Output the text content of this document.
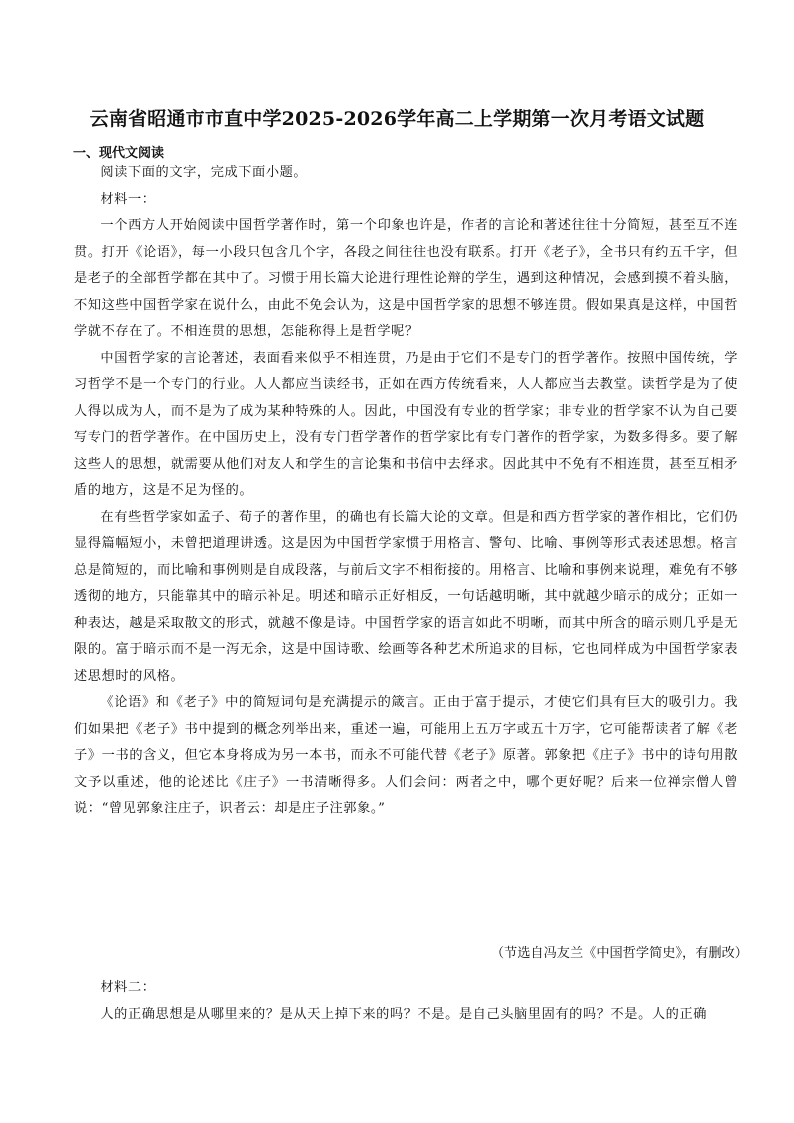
云南省昭通市市直中学2025-2026学年高二上学期第一次月考语文试题
一、现代文阅读

阅读下面的文字，完成下面小题。

材料一：

一个西方人开始阅读中国哲学著作时，第一个印象也许是，作者的言论和著述往往十分简短，甚至互不连贯。打开《论语》，每一小段只包含几个字，各段之间往往也没有联系。打开《老子》，全书只有约五千字，但是老子的全部哲学都在其中了。习惯于用长篇大论进行理性论辩的学生，遇到这种情况，会感到摸不着头脑，不知这些中国哲学家在说什么，由此不免会认为，这是中国哲学家的思想不够连贯。假如果真是这样，中国哲学就不存在了。不相连贯的思想，怎能称得上是哲学呢？

中国哲学家的言论著述，表面看来似乎不相连贯，乃是由于它们不是专门的哲学著作。按照中国传统，学习哲学不是一个专门的行业。人人都应当读经书，正如在西方传统看来，人人都应当去教堂。读哲学是为了使人得以成为人，而不是为了成为某种特殊的人。因此，中国没有专业的哲学家；非专业的哲学家不认为自己要写专门的哲学著作。在中国历史上，没有专门哲学著作的哲学家比有专门著作的哲学家，为数多得多。要了解这些人的思想，就需要从他们对友人和学生的言论集和书信中去绎求。因此其中不免有不相连贯，甚至互相矛盾的地方，这是不足为怪的。

在有些哲学家如孟子、荀子的著作里，的确也有长篇大论的文章。但是和西方哲学家的著作相比，它们仍显得篇幅短小，未曾把道理讲透。这是因为中国哲学家惯于用格言、警句、比喻、事例等形式表述思想。格言总是简短的，而比喻和事例则是自成段落，与前后文字不相衔接的。用格言、比喻和事例来说理，难免有不够透彻的地方，只能靠其中的暗示补足。明述和暗示正好相反，一句话越明晰，其中就越少暗示的成分；正如一种表达，越是采取散文的形式，就越不像是诗。中国哲学家的语言如此不明晰，而其中所含的暗示则几乎是无限的。富于暗示而不是一泻无余，这是中国诗歌、绘画等各种艺术所追求的目标，它也同样成为中国哲学家表述思想时的风格。

《论语》和《老子》中的简短词句是充满提示的箴言。正由于富于提示，才使它们具有巨大的吸引力。我们如果把《老子》书中提到的概念列举出来，重述一遍，可能用上五万字或五十万字，它可能帮读者了解《老子》一书的含义，但它本身将成为另一本书，而永不可能代替《老子》原著。郭象把《庄子》书中的诗句用散文予以重述，他的论述比《庄子》一书清晰得多。人们会问：两者之中，哪个更好呢？后来一位禅宗僧人曾说：“曾见郭象注庄子，识者云：却是庄子注郭象。”

（节选自冯友兰《中国哲学简史》，有删改）

材料二：

人的正确思想是从哪里来的？是从天上掉下来的吗？不是。是自己头脑里固有的吗？不是。人的正确
